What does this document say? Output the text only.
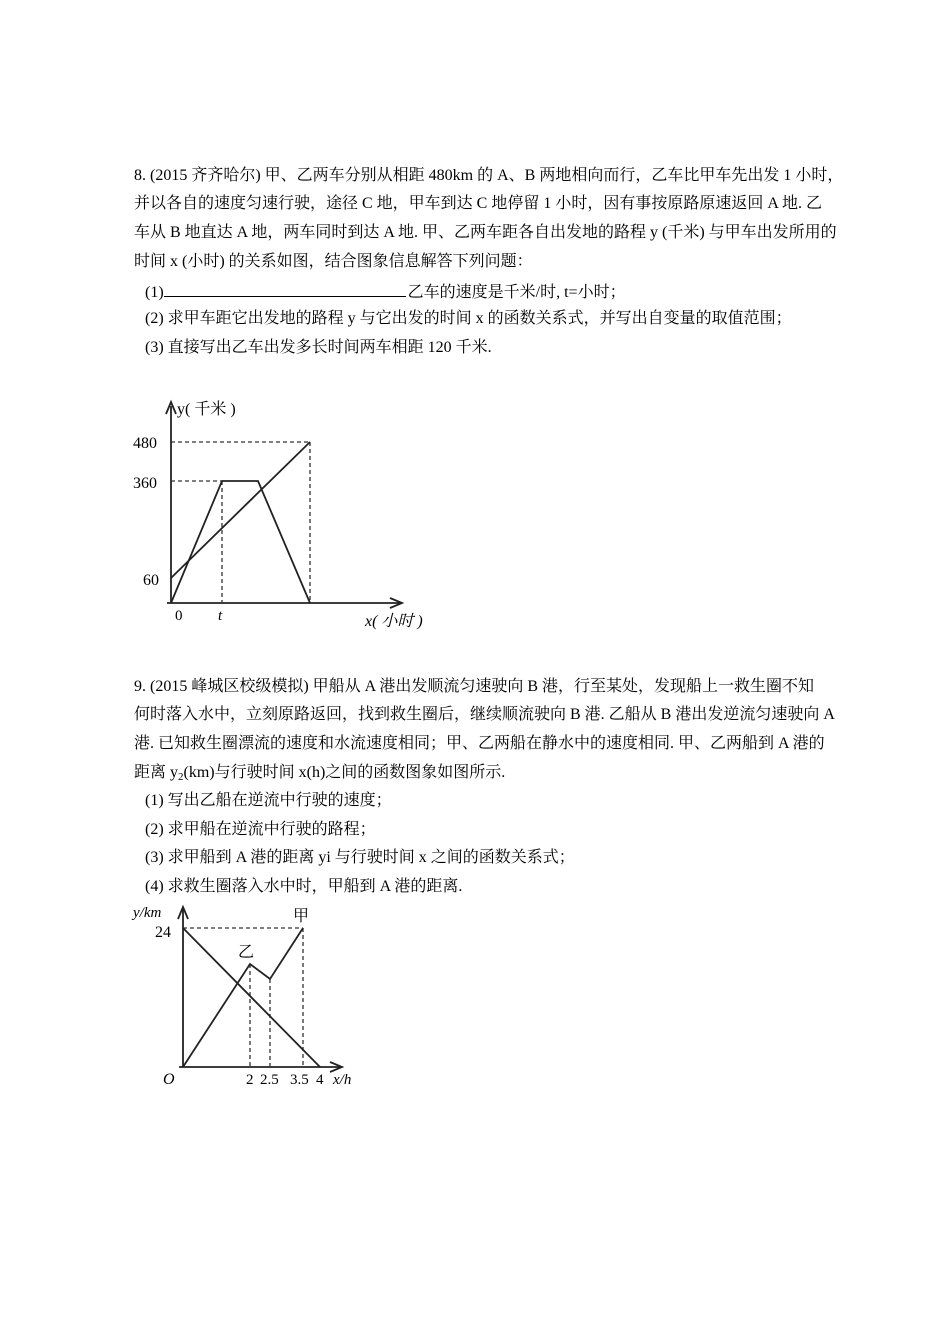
8. (2015 齐齐哈尔) 甲、乙两车分别从相距 480km 的 A、B 两地相向而行，乙车比甲车先出发 1 小时，
并以各自的速度匀速行驶，途径 C 地，甲车到达 C 地停留 1 小时，因有事按原路原速返回 A 地. 乙
车从 B 地直达 A 地，两车同时到达 A 地. 甲、乙两车距各自出发地的路程 y (千米) 与甲车出发所用的
时间 x (小时) 的关系如图，结合图象信息解答下列问题：
(1)	乙车的速度是千米/时, t=小时；
(2) 求甲车距它出发地的路程 y 与它出发的时间 x 的函数关系式，并写出自变量的取值范围；
(3) 直接写出乙车出发多长时间两车相距 120 千米.
y( 千米 )
480
360
60
0 t	x( 小时 )
9. (2015 峰城区校级模拟) 甲船从 A 港出发顺流匀速驶向 B 港，行至某处，发现船上一救生圈不知
何时落入水中，立刻原路返回，找到救生圈后，继续顺流驶向 B 港. 乙船从 B 港出发逆流匀速驶向 A
港. 已知救生圈漂流的速度和水流速度相同；甲、乙两船在静水中的速度相同. 甲、乙两船到 A 港的
距离 $y_2(km)$与行驶时间 x(h)之间的函数图象如图所示.
(1) 写出乙船在逆流中行驶的速度；
(2) 求甲船在逆流中行驶的路程；
(3) 求甲船到 A 港的距离 yi 与行驶时间 x 之间的函数关系式；
(4) 求救生圈落入水中时，甲船到 A 港的距离.
y/km
24
O
甲
乙
2 2.5 3.5 4 x/h
